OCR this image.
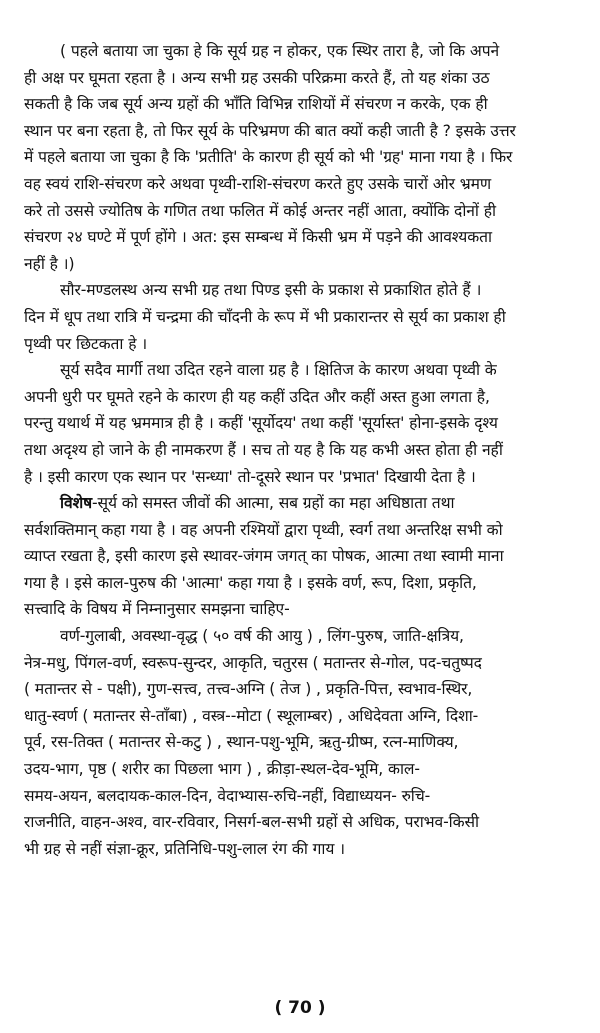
( पहले बताया जा चुका हे कि सूर्य ग्रह न होकर, एक स्थिर तारा है, जो कि अपने
ही अक्ष पर घूमता रहता है । अन्य सभी ग्रह उसकी परिक्रमा करते हैं, तो यह शंका उठ
सकती है कि जब सूर्य अन्य ग्रहों की भाँति विभिन्न राशियों में संचरण न करके, एक ही
स्थान पर बना रहता है, तो फिर सूर्य के परिभ्रमण की बात क्यों कही जाती है ? इसके उत्तर
में पहले बताया जा चुका है कि 'प्रतीति' के कारण ही सूर्य को भी 'ग्रह' माना गया है । फिर
वह स्वयं राशि-संचरण करे अथवा पृथ्वी-राशि-संचरण करते हुए उसके चारों ओर भ्रमण
करे तो उससे ज्योतिष के गणित तथा फलित में कोई अन्तर नहीं आता, क्योंकि दोनों ही
संचरण २४ घण्टे में पूर्ण होंगे । अत: इस सम्बन्ध में किसी भ्रम में पड़ने की आवश्यकता
नहीं है ।)
सौर-मण्डलस्थ अन्य सभी ग्रह तथा पिण्ड इसी के प्रकाश से प्रकाशित होते हैं ।
दिन में धूप तथा रात्रि में चन्द्रमा की चाँदनी के रूप में भी प्रकारान्तर से सूर्य का प्रकाश ही
पृथ्वी पर छिटकता हे ।
सूर्य सदैव मार्गी तथा उदित रहने वाला ग्रह है । क्षितिज के कारण अथवा पृथ्वी के
अपनी धुरी पर घूमते रहने के कारण ही यह कहीं उदित और कहीं अस्त हुआ लगता है,
परन्तु यथार्थ में यह भ्रममात्र ही है । कहीं 'सूर्योदय' तथा कहीं 'सूर्यास्त' होना-इसके दृश्य
तथा अदृश्य हो जाने के ही नामकरण हैं । सच तो यह है कि यह कभी अस्त होता ही नहीं
है । इसी कारण एक स्थान पर 'सन्ध्या' तो-दूसरे स्थान पर 'प्रभात' दिखायी देता है ।
विशेष-सूर्य को समस्त जीवों की आत्मा, सब ग्रहों का महा अधिष्ठाता तथा
सर्वशक्तिमान् कहा गया है । वह अपनी रश्मियों द्वारा पृथ्वी, स्वर्ग तथा अन्तरिक्ष सभी को
व्याप्त रखता है, इसी कारण इसे स्थावर-जंगम जगत् का पोषक, आत्मा तथा स्वामी माना
गया है । इसे काल-पुरुष की 'आत्मा' कहा गया है । इसके वर्ण, रूप, दिशा, प्रकृति,
सत्त्वादि के विषय में निम्नानुसार समझना चाहिए-
वर्ण-गुलाबी, अवस्था-वृद्ध ( ५० वर्ष की आयु ) , लिंग-पुरुष, जाति-क्षत्रिय,
नेत्र-मधु, पिंगल-वर्ण, स्वरूप-सुन्दर, आकृति, चतुरस ( मतान्तर से-गोल, पद-चतुष्पद
( मतान्तर से - पक्षी), गुण-सत्त्व, तत्त्व-अग्नि ( तेज ) , प्रकृति-पित्त, स्वभाव-स्थिर,
धातु-स्वर्ण ( मतान्तर से-ताँबा) , वस्त्र--मोटा ( स्थूलाम्बर) , अधिदेवता अग्नि, दिशा-
पूर्व, रस-तिक्त ( मतान्तर से-कटु ) , स्थान-पशु-भूमि, ऋतु-ग्रीष्म, रत्न-माणिक्य,
उदय-भाग, पृष्ठ ( शरीर का पिछला भाग ) , क्रीड़ा-स्थल-देव-भूमि, काल-
समय-अयन, बलदायक-काल-दिन, वेदाभ्यास-रुचि-नहीं, विद्याध्ययन- रुचि-
राजनीति, वाहन-अश्व, वार-रविवार, निसर्ग-बल-सभी ग्रहों से अधिक, पराभव-किसी
भी ग्रह से नहीं संज्ञा-क्रूर, प्रतिनिधि-पशु-लाल रंग की गाय ।
( 70 )
